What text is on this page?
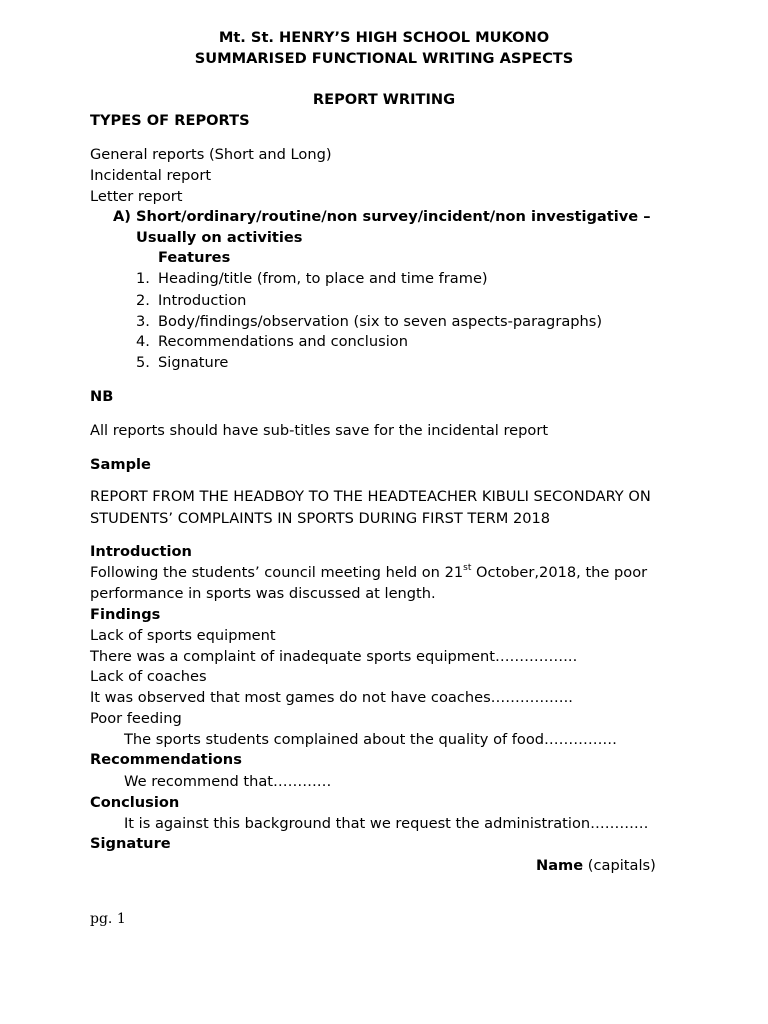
Mt. St. HENRY’S HIGH SCHOOL MUKONO
SUMMARISED FUNCTIONAL WRITING ASPECTS
REPORT WRITING
TYPES OF REPORTS
General reports (Short and Long)
Incidental report
Letter report
A) Short/ordinary/routine/non survey/incident/non investigative –
Usually on activities
Features
1. Heading/title (from, to place and time frame)
2. Introduction
3. Body/findings/observation (six to seven aspects-paragraphs)
4. Recommendations and conclusion
5. Signature
NB
All reports should have sub-titles save for the incidental report
Sample
REPORT FROM THE HEADBOY TO THE HEADTEACHER KIBULI SECONDARY ON
STUDENTS’ COMPLAINTS IN SPORTS DURING FIRST TERM 2018
Introduction
Following the students’ council meeting held on 21st October,2018, the poor
performance in sports was discussed at length.
Findings
Lack of sports equipment
There was a complaint of inadequate sports equipment……………..
Lack of coaches
It was observed that most games do not have coaches……………..
Poor feeding
The sports students complained about the quality of food……………
Recommendations
We recommend that…………
Conclusion
It is against this background that we request the administration…………
Signature
Name (capitals)
pg. 1
